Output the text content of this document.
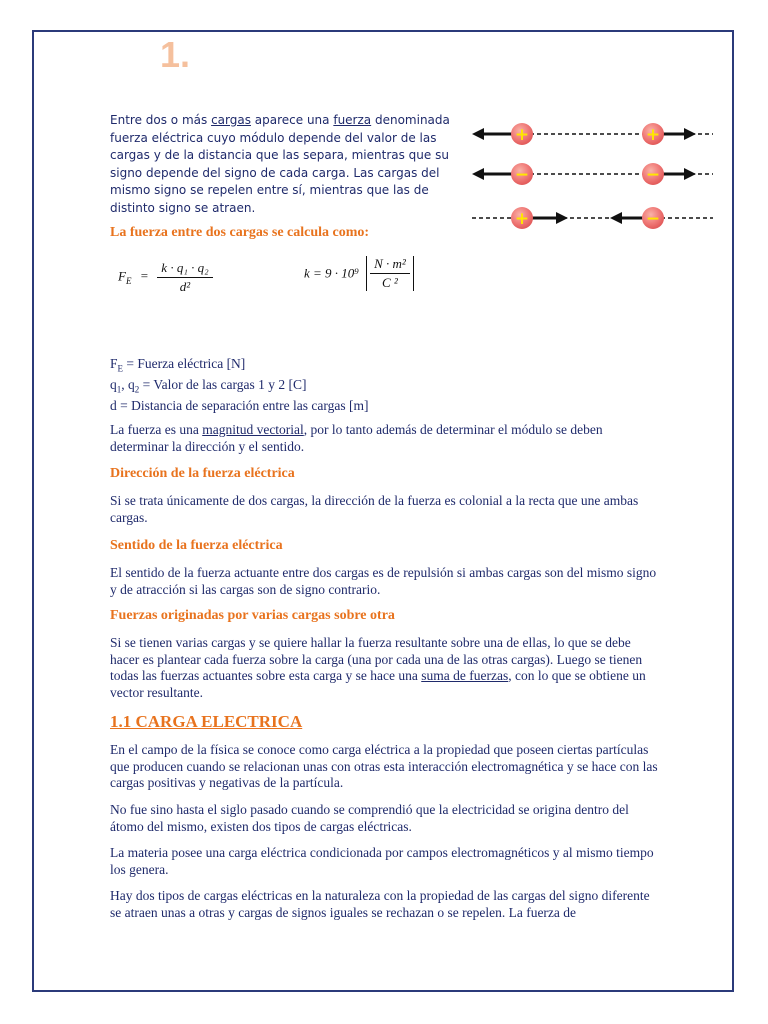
1.
Entre dos o más cargas aparece una fuerza denominada fuerza eléctrica cuyo módulo depende del valor de las cargas y de la distancia que las separa, mientras que su signo depende del signo de cada carga. Las cargas del mismo signo se repelen entre sí, mientras que las de distinto signo se atraen.
+	+
−	−
+	−
La fuerza entre dos cargas se calcula como:
$F_E = \frac{\text{k · q₁ · q₂}}{\text{d²}}$	$k = 9 \cdot 10^9 \frac{\text{N · m²}}{\text{C ²}}$
$F_E$ = Fuerza eléctrica [N]
$q_1$, $q_2$ = Valor de las cargas 1 y 2 [C]
d = Distancia de separación entre las cargas [m]
La fuerza es una magnitud vectorial, por lo tanto además de determinar el módulo se deben determinar la dirección y el sentido.
Dirección de la fuerza eléctrica
Si se trata únicamente de dos cargas, la dirección de la fuerza es colonial a la recta que une ambas cargas.
Sentido de la fuerza eléctrica
El sentido de la fuerza actuante entre dos cargas es de repulsión si ambas cargas son del mismo signo y de atracción si las cargas son de signo contrario.
Fuerzas originadas por varias cargas sobre otra
Si se tienen varias cargas y se quiere hallar la fuerza resultante sobre una de ellas, lo que se debe hacer es plantear cada fuerza sobre la carga (una por cada una de las otras cargas). Luego se tienen todas las fuerzas actuantes sobre esta carga y se hace una suma de fuerzas, con lo que se obtiene un vector resultante.
1.1 CARGA ELECTRICA
En el campo de la física se conoce como carga eléctrica a la propiedad que poseen ciertas partículas que producen cuando se relacionan unas con otras esta interacción electromagnética y se hace con las cargas positivas y negativas de la partícula.
No fue sino hasta el siglo pasado cuando se comprendió que la electricidad se origina dentro del átomo del mismo, existen dos tipos de cargas eléctricas.
La materia posee una carga eléctrica condicionada por campos electromagnéticos y al mismo tiempo los genera.
Hay dos tipos de cargas eléctricas en la naturaleza con la propiedad de las cargas del signo diferente se atraen unas a otras y cargas de signos iguales se rechazan o se repelen. La fuerza de
